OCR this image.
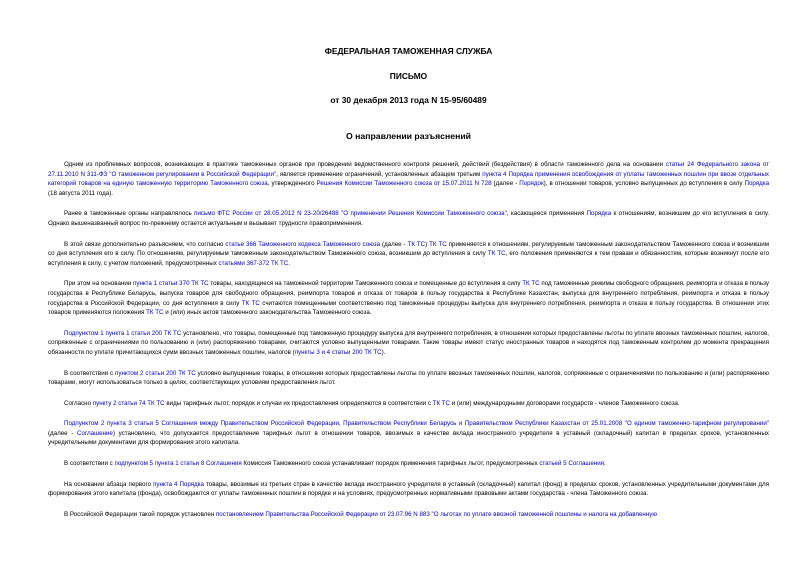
ФЕДЕРАЛЬНАЯ ТАМОЖЕННАЯ СЛУЖБА
ПИСЬМО
от 30 декабря 2013 года N 15-95/60489
О направлении разъяснений

Одним из проблемных вопросов, возникающих в практике таможенных органов при проведении ведомственного контроля решений, действий (бездействия) в области таможенного дела на основании статьи 24 Федерального закона от 27.11.2010 N 311-ФЗ "О таможенном регулировании в Российской Федерации", является применение ограничений, установленных абзацем третьим пункта 4 Порядка применения освобождения от уплаты таможенных пошлин при ввозе отдельных категорий товаров на единую таможенную территорию Таможенного союза, утвержденного Решения Комиссии Таможенного союза от 15.07.2011 N 728 (далее - Порядок), в отношении товаров, условно выпущенных до вступления в силу Порядка (18 августа 2011 года).

Ранее в таможенные органы направлялось письмо ФТС России от 28.05.2012 N 23-20/26488 "О применении Решения Комиссии Таможенного союза", касающееся применения Порядка к отношениям, возникшим до его вступления в силу. Однако вышеназванный вопрос по-прежнему остается актуальным и вызывает трудности правоприменения.

В этой связи дополнительно разъясняем, что согласно статье 366 Таможенного кодекса Таможенного союза (далее - ТК ТС) ТК ТС применяется к отношениям, регулируемым таможенным законодательством Таможенного союза и возникшим со дня вступления его в силу. По отношениям, регулируемым таможенным законодательством Таможенного союза, возникшим до вступления в силу ТК ТС, его положения применяются к тем правам и обязанностям, которые возникнут после его вступления в силу, с учетом положений, предусмотренных статьями 367-372 ТК ТС.

При этом на основании пункта 1 статьи 370 ТК ТС товары, находящиеся на таможенной территории Таможенного союза и помещенные до вступления в силу ТК ТС под таможенные режимы свободного обращения, реимпорта и отказа в пользу государства в Республике Беларусь, выпуска товаров для свободного обращения, реимпорта товаров и отказа от товаров в пользу государства в Республике Казахстан, выпуска для внутреннего потребления, реимпорта и отказа в пользу государства в Российской Федерации, со дня вступления в силу ТК ТС считаются помещенными соответственно под таможенные процедуры выпуска для внутреннего потребления, реимпорта и отказа в пользу государства. В отношении этих товаров применяются положения ТК ТС и (или) иных актов таможенного законодательства Таможенного союза.

Подпунктом 1 пункта 1 статьи 200 ТК ТС установлено, что товары, помещенные под таможенную процедуру выпуска для внутреннего потребления, в отношении которых предоставлены льготы по уплате ввозных таможенных пошлин, налогов, сопряженные с ограничениями по пользованию и (или) распоряжению товарами, считаются условно выпущенными товарами. Такие товары имеют статус иностранных товаров и находятся под таможенным контролем до момента прекращения обязанности по уплате причитающихся сумм ввозных таможенных пошлин, налогов (пункты 3 и 4 статьи 200 ТК ТС).

В соответствии с пунктом 2 статьи 200 ТК ТС условно выпущенные товары, в отношении которых предоставлены льготы по уплате ввозных таможенных пошлин, налогов, сопряженные с ограничениями по пользованию и (или) распоряжению товарами, могут использоваться только в целях, соответствующих условиям предоставления льгот.

Согласно пункту 2 статьи 74 ТК ТС виды тарифных льгот, порядок и случаи их предоставления определяются в соответствии с ТК ТС и (или) международными договорами государств - членов Таможенного союза.

Подпунктом 2 пункта 3 статьи 5 Соглашения между Правительством Российской Федерации, Правительством Республики Беларусь и Правительством Республики Казахстан от 25.01.2008 "О едином таможенно-тарифном регулировании" (далее - Соглашение) установлено, что допускается предоставление тарифных льгот в отношении товаров, ввозимых в качестве вклада иностранного учредителя в уставный (складочный) капитал в пределах сроков, установленных учредительными документами для формирования этого капитала.

В соответствии с подпунктом 5 пункта 1 статьи 8 Соглашения Комиссия Таможенного союза устанавливает порядок применения тарифных льгот, предусмотренных статьей 5 Соглашения.

На основании абзаца первого пункта 4 Порядка товары, ввозимые из третьих стран в качестве вклада иностранного учредителя в уставный (складочный) капитал (фонд) в пределах сроков, установленных учредительными документами для формирования этого капитала (фонда), освобождаются от уплаты таможенных пошлин в порядке и на условиях, предусмотренных нормативными правовыми актами государства - члена Таможенного союза.

В Российской Федерации такой порядок установлен постановлением Правительства Российской Федерации от 23.07.96 N 883 "О льготах по уплате ввозной таможенной пошлины и налога на добавленную
